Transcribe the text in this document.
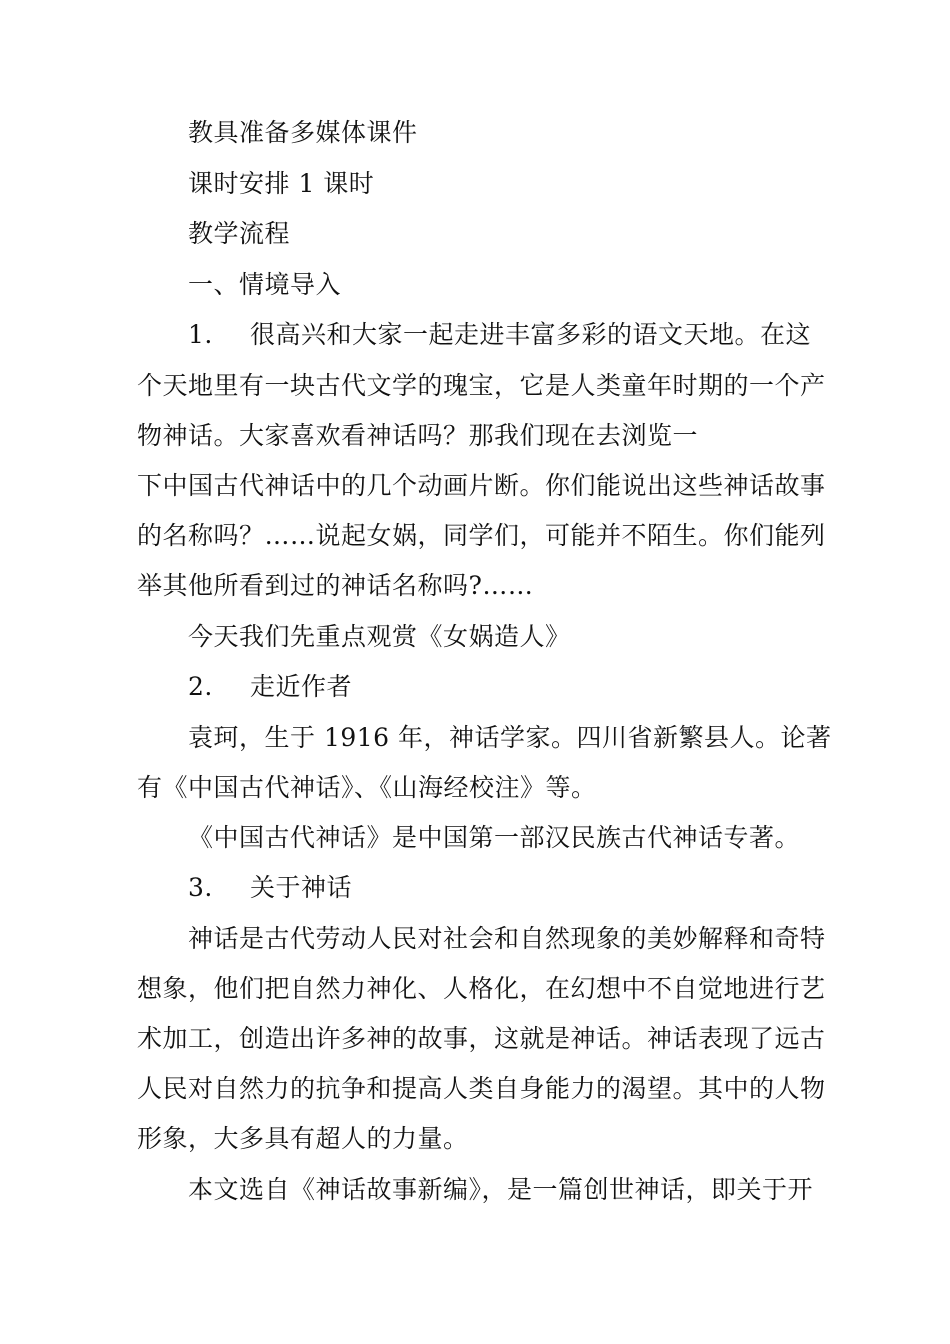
教具准备多媒体课件
课时安排 1 课时
教学流程
一、情境导入
1. 很高兴和大家一起走进丰富多彩的语文天地。在这
个天地里有一块古代文学的瑰宝，它是人类童年时期的一个产
物神话。大家喜欢看神话吗？那我们现在去浏览一
下中国古代神话中的几个动画片断。你们能说出这些神话故事
的名称吗？……说起女娲，同学们，可能并不陌生。你们能列
举其他所看到过的神话名称吗?……
今天我们先重点观赏《女娲造人》
2. 走近作者
袁珂，生于 1916 年，神话学家。四川省新繁县人。论著
有《中国古代神话》、《山海经校注》等。
《中国古代神话》是中国第一部汉民族古代神话专著。
3. 关于神话
神话是古代劳动人民对社会和自然现象的美妙解释和奇特
想象，他们把自然力神化、人格化，在幻想中不自觉地进行艺
术加工，创造出许多神的故事，这就是神话。神话表现了远古
人民对自然力的抗争和提高人类自身能力的渴望。其中的人物
形象，大多具有超人的力量。
本文选自《神话故事新编》，是一篇创世神话，即关于开
